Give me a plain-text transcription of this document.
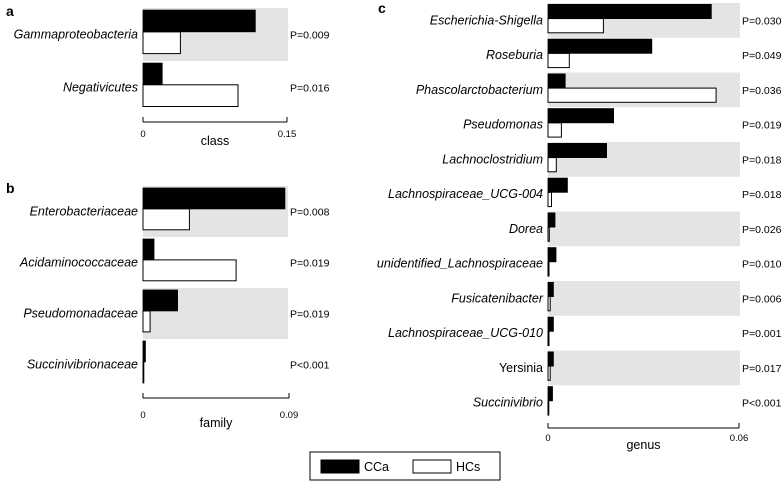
a
Gammaproteobacteria	P=0.009
Negativicutes	P=0.016
0	0.15
class
b
Enterobacteriaceae	P=0.008
Acidaminococcaceae	P=0.019
Pseudomonadaceae	P=0.019
Succinivibrionaceae	P<0.001
0	0.09
family
c
Escherichia-Shigella	P=0.030
Roseburia	P=0.049
Phascolarctobacterium	P=0.036
Pseudomonas	P=0.019
Lachnoclostridium	P=0.018
Lachnospiraceae_UCG-004	P=0.018
Dorea	P=0.026
unidentified_Lachnospiraceae	P=0.010
Fusicatenibacter	P=0.006
Lachnospiraceae_UCG-010	P=0.001
Yersinia	P=0.017
Succinivibrio	P<0.001
0	0.06
genus
CCa	HCs
